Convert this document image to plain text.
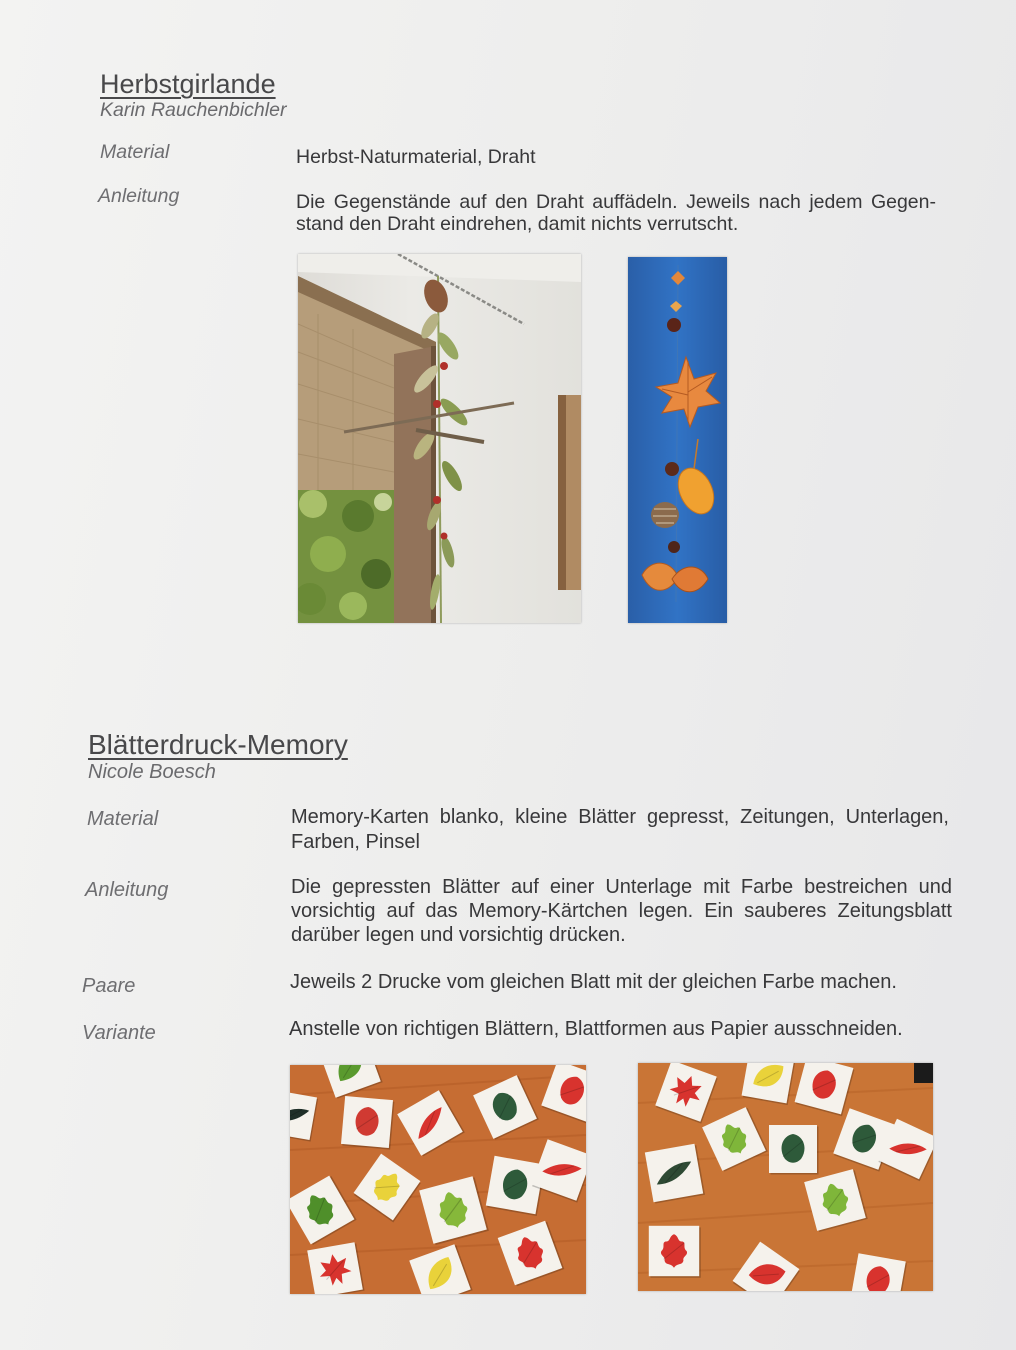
Herbstgirlande
Karin Rauchenbichler
Material	Herbst-Naturmaterial, Draht
Anleitung	Die Gegenstände auf den Draht auffädeln. Jeweils nach jedem Gegen-
stand den Draht eindrehen, damit nichts verrutscht.
Blätterdruck-Memory
Nicole Boesch
Material	Memory-Karten blanko, kleine Blätter gepresst, Zeitungen, Unterlagen,
Farben, Pinsel
Anleitung	Die gepressten Blätter auf einer Unterlage mit Farbe bestreichen und
vorsichtig auf das Memory-Kärtchen legen. Ein sauberes Zeitungsblatt
darüber legen und vorsichtig drücken.
Paare	Jeweils 2 Drucke vom gleichen Blatt mit der gleichen Farbe machen.
Variante	Anstelle von richtigen Blättern, Blattformen aus Papier ausschneiden.
